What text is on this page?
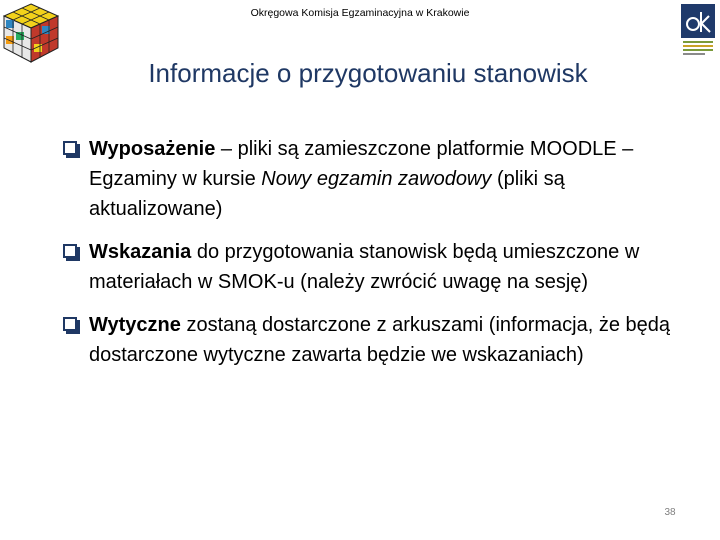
Okręgowa Komisja Egzaminacyjna w Krakowie
Informacje o przygotowaniu stanowisk
Wyposażenie – pliki są zamieszczone platformie MOODLE – Egzaminy w kursie Nowy egzamin zawodowy (pliki są aktualizowane)
Wskazania do przygotowania stanowisk będą umieszczone w materiałach w SMOK-u (należy zwrócić uwagę na sesję)
Wytyczne zostaną dostarczone z arkuszami (informacja, że będą dostarczone wytyczne zawarta będzie we wskazaniach)
38
